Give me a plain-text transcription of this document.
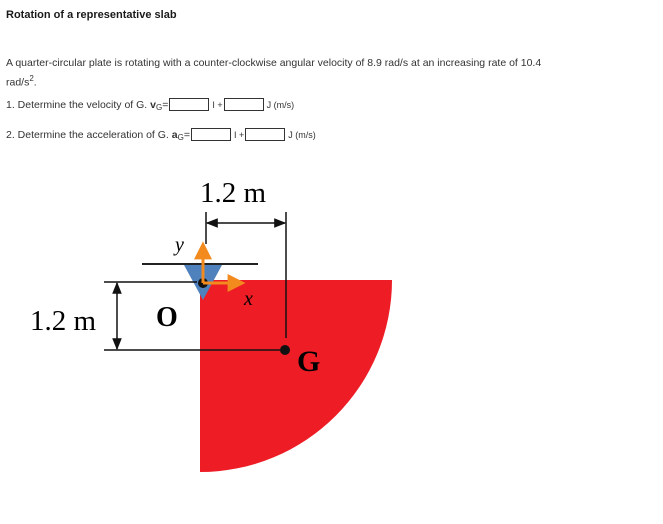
Rotation of a representative slab
A quarter-circular plate is rotating with a counter-clockwise angular velocity of 8.9 rad/s at an increasing rate of 10.4
rad/$s^2$.
1. Determine the velocity of G.
v G =	I +	J (m/s)
2. Determine the acceleration of G.
a G =	I +	J (m/s)
y
x
1.2 m
1.2 m O
G
